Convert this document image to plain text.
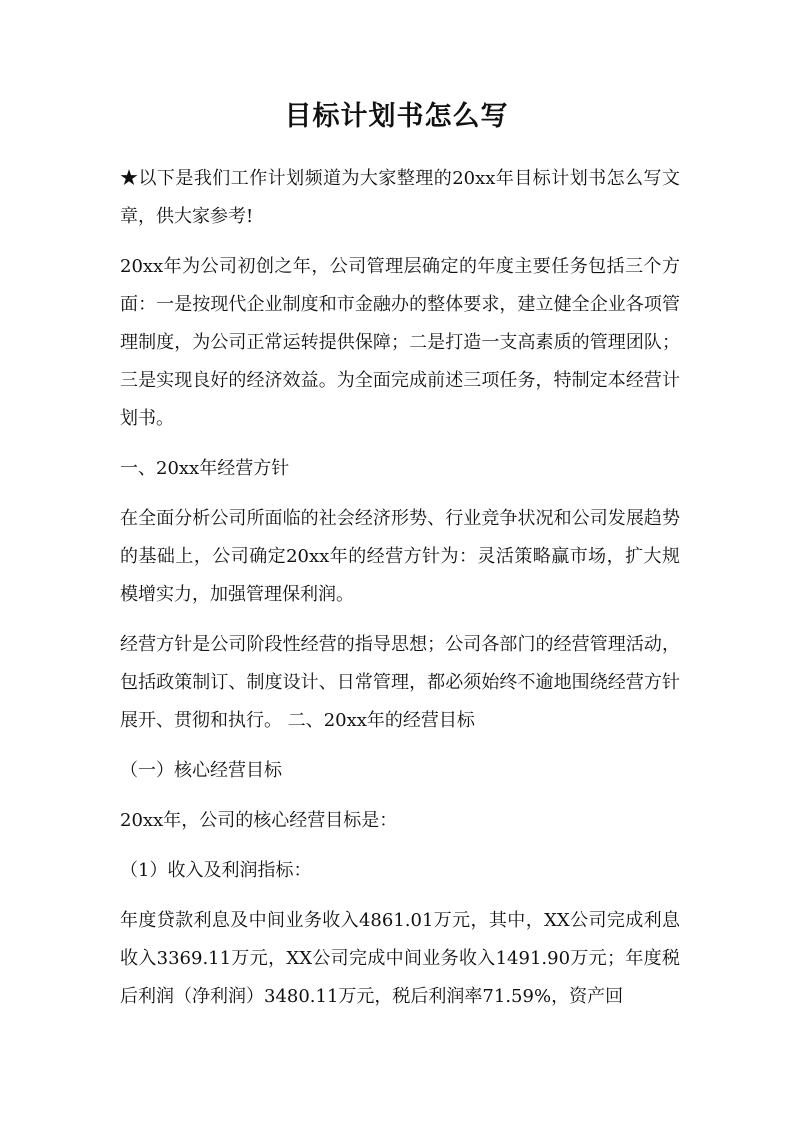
目标计划书怎么写

★以下是我们工作计划频道为大家整理的20xx年目标计划书怎么写文章，供大家参考!

20xx年为公司初创之年，公司管理层确定的年度主要任务包括三个方面：一是按现代企业制度和市金融办的整体要求，建立健全企业各项管理制度，为公司正常运转提供保障；二是打造一支高素质的管理团队；三是实现良好的经济效益。为全面完成前述三项任务，特制定本经营计划书。

一、20xx年经营方针

在全面分析公司所面临的社会经济形势、行业竞争状况和公司发展趋势的基础上，公司确定20xx年的经营方针为：灵活策略赢市场，扩大规模增实力，加强管理保利润。

经营方针是公司阶段性经营的指导思想；公司各部门的经营管理活动，包括政策制订、制度设计、日常管理，都必须始终不逾地围绕经营方针展开、贯彻和执行。 二、20xx年的经营目标

（一）核心经营目标

20xx年，公司的核心经营目标是：

（1）收入及利润指标：

年度贷款利息及中间业务收入4861.01万元，其中，XX公司完成利息收入3369.11万元，XX公司完成中间业务收入1491.90万元；年度税后利润（净利润）3480.11万元，税后利润率71.59%，资产回
